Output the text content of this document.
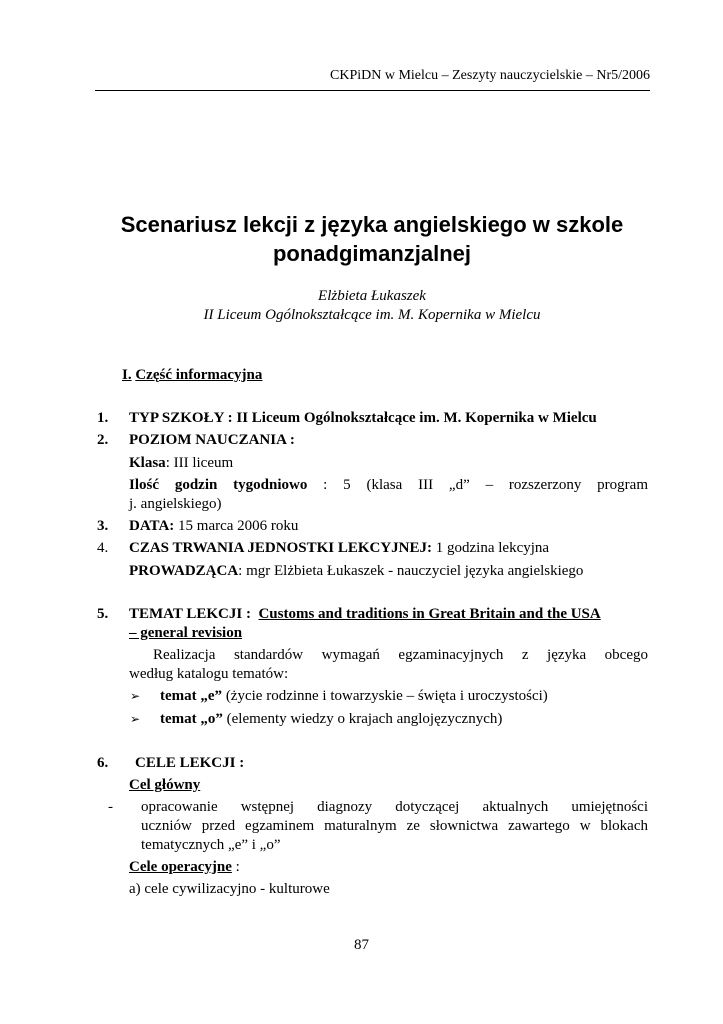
CKPiDN w Mielcu – Zeszyty nauczycielskie – Nr5/2006
Scenariusz lekcji z języka angielskiego w szkole ponadgimanzjalnej
Elżbieta Łukaszek
II Liceum Ogólnokształcące im. M. Kopernika w Mielcu
I. Część informacyjna
1. TYP SZKOŁY : II Liceum Ogólnokształcące im. M. Kopernika w Mielcu
2. POZIOM NAUCZANIA :
Klasa: III liceum
Ilość godzin tygodniowo : 5 (klasa III „d” – rozszerzony program
j. angielskiego)
3. DATA: 15 marca 2006 roku
4. CZAS TRWANIA JEDNOSTKI LEKCYJNEJ: 1 godzina lekcyjna
PROWADZĄCA: mgr Elżbieta Łukaszek - nauczyciel języka angielskiego
5. TEMAT LEKCJI : Customs and traditions in Great Britain and the USA
– general revision
Realizacja standardów wymagań egzaminacyjnych z języka obcego
według katalogu tematów:
➢ temat „e” (życie rodzinne i towarzyskie – święta i uroczystości)
➢ temat „o” (elementy wiedzy o krajach anglojęzycznych)
6. CELE LEKCJI :
Cel główny
- opracowanie wstępnej diagnozy dotyczącej aktualnych umiejętności
uczniów przed egzaminem maturalnym ze słownictwa zawartego w blokach
tematycznych „e” i „o”
Cele operacyjne :
a) cele cywilizacyjno - kulturowe
87
